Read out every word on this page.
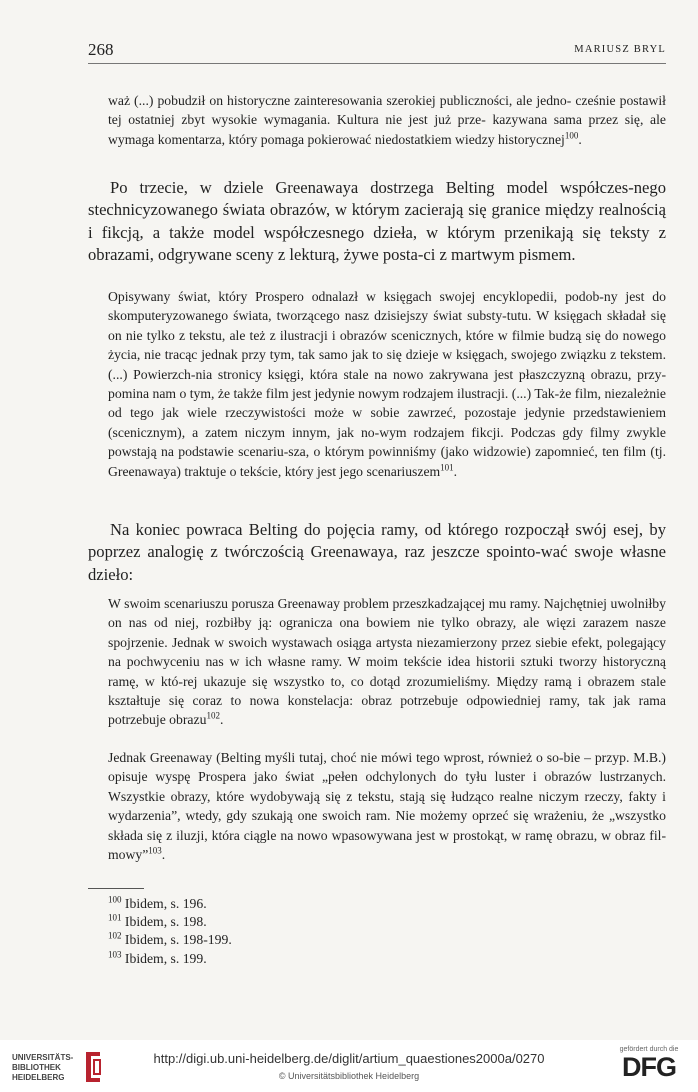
268	MARIUSZ BRYL

waż (...) pobudził on historyczne zainteresowania szerokiej publiczności, ale jedno- cześnie postawił tej ostatniej zbyt wysokie wymagania. Kultura nie jest już prze- kazywana sama przez się, ale wymaga komentarza, który pomaga pokierować niedostatkiem wiedzy historycznej$^{100}$.

Po trzecie, w dziele Greenawaya dostrzega Belting model współczes-nego stechnicyzowanego świata obrazów, w którym zacierają się granice między realnością i fikcją, a także model współczesnego dzieła, w którym przenikają się teksty z obrazami, odgrywane sceny z lekturą, żywe posta-ci z martwym pismem.

Opisywany świat, który Prospero odnalazł w księgach swojej encyklopedii, podob-ny jest do skomputeryzowanego świata, tworzącego nasz dzisiejszy świat substy-tutu. W księgach składał się on nie tylko z tekstu, ale też z ilustracji i obrazów scenicznych, które w filmie budzą się do nowego życia, nie tracąc jednak przy tym, tak samo jak to się dzieje w księgach, swojego związku z tekstem. (...) Powierzch-nia stronicy księgi, która stale na nowo zakrywana jest płaszczyzną obrazu, przy-pomina nam o tym, że także film jest jedynie nowym rodzajem ilustracji. (...) Tak-że film, niezależnie od tego jak wiele rzeczywistości może w sobie zawrzeć, pozostaje jedynie przedstawieniem (scenicznym), a zatem niczym innym, jak no-wym rodzajem fikcji. Podczas gdy filmy zwykle powstają na podstawie scenariu-sza, o którym powinniśmy (jako widzowie) zapomnieć, ten film (tj. Greenawaya) traktuje o tekście, który jest jego scenariuszem$^{101}$.

Na koniec powraca Belting do pojęcia ramy, od którego rozpoczął swój esej, by poprzez analogię z twórczością Greenawaya, raz jeszcze spointo-wać swoje własne dzieło:

W swoim scenariuszu porusza Greenaway problem przeszkadzającej mu ramy. Najchętniej uwolniłby on nas od niej, rozbiłby ją: ogranicza ona bowiem nie tylko obrazy, ale więzi zarazem nasze spojrzenie. Jednak w swoich wystawach osiąga artysta niezamierzony przez siebie efekt, polegający na pochwyceniu nas w ich własne ramy. W moim tekście idea historii sztuki tworzy historyczną ramę, w któ-rej ukazuje się wszystko to, co dotąd zrozumieliśmy. Między ramą i obrazem stale kształtuje się coraz to nowa konstelacja: obraz potrzebuje odpowiedniej ramy, tak jak rama potrzebuje obrazu$^{102}$.

Jednak Greenaway (Belting myśli tutaj, choć nie mówi tego wprost, również o so-bie – przyp. M.B.) opisuje wyspę Prospera jako świat „pełen odchylonych do tyłu luster i obrazów lustrzanych. Wszystkie obrazy, które wydobywają się z tekstu, stają się łudząco realne niczym rzeczy, fakty i wydarzenia”, wtedy, gdy szukają one swoich ram. Nie możemy oprzeć się wrażeniu, że „wszystko składa się z iluzji, która ciągle na nowo wpasowywana jest w prostokąt, w ramę obrazu, w obraz fil-mowy”$^{103}$.

$^{100}$ Ibidem, s. 196.

$^{101}$ Ibidem, s. 198.

$^{102}$ Ibidem, s. 198-199.

$^{103}$ Ibidem, s. 199.

UNIVERSITÄTS-
BIBLIOTHEK
HEIDELBERG
http://digi.ub.uni-heidelberg.de/diglit/artium_quaestiones2000a/0270
© Universitätsbibliothek Heidelberg
gefördert durch die
DFG
